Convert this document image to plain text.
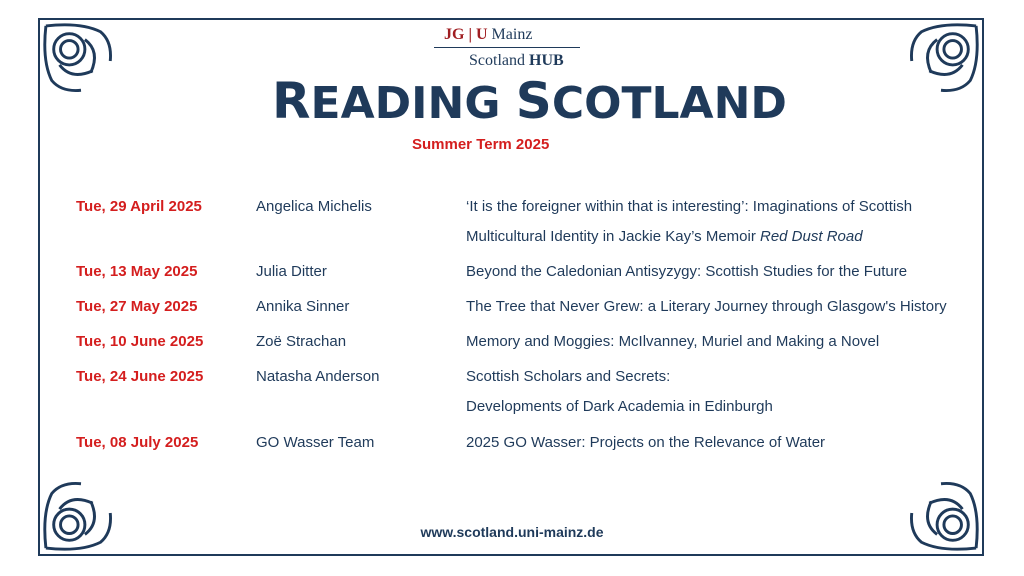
JG | U Mainz
Scotland HUB
READING SCOTLAND
Summer Term 2025
Tue, 29 April 2025	Angelica Michelis	‘It is the foreigner within that is interesting’: Imaginations of Scottish
Multicultural Identity in Jackie Kay’s Memoir Red Dust Road
Tue, 13 May 2025	Julia Ditter	Beyond the Caledonian Antisyzygy: Scottish Studies for the Future
Tue, 27 May 2025	Annika Sinner	The Tree that Never Grew: a Literary Journey through Glasgow's History
Tue, 10 June 2025	Zoë Strachan	Memory and Moggies: McIlvanney, Muriel and Making a Novel
Tue, 24 June 2025	Natasha Anderson	Scottish Scholars and Secrets:
Developments of Dark Academia in Edinburgh
Tue, 08 July 2025	GO Wasser Team	2025 GO Wasser: Projects on the Relevance of Water
www.scotland.uni-mainz.de
